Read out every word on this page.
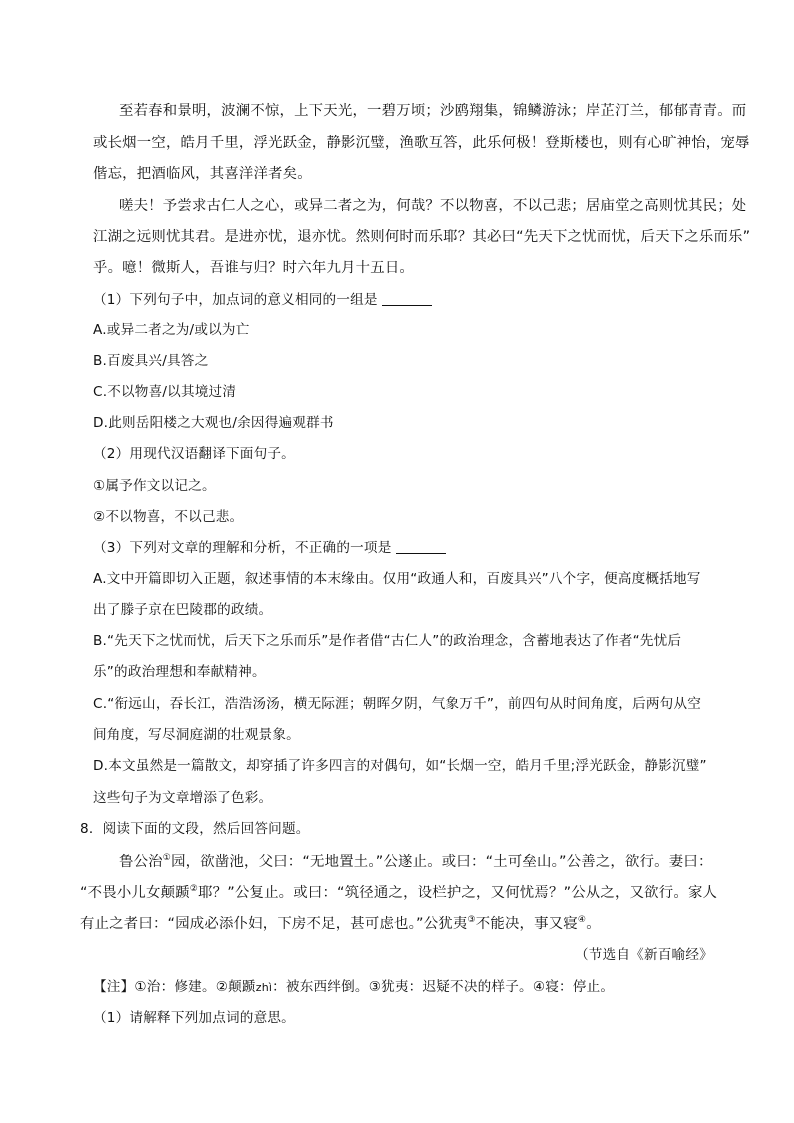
至若春和景明，波澜不惊，上下天光，一碧万顷；沙鸥翔集，锦鳞游泳；岸芷汀兰，郁郁青青。而
或长烟一空，皓月千里，浮光跃金，静影沉璧，渔歌互答，此乐何极！登斯楼也，则有心旷神怡，宠辱
偕忘，把酒临风，其喜洋洋者矣。
嗟夫！予尝求古仁人之心，或异二者之为，何哉？不以物喜，不以己悲；居庙堂之高则忧其民；处
江湖之远则忧其君。是进亦忧，退亦忧。然则何时而乐耶？其必曰“先天下之忧而忧，后天下之乐而乐”
乎。噫！微斯人，吾谁与归？时六年九月十五日。
（1）下列句子中，加点词的意义相同的一组是
A.或异二者之为/或以为亡
B.百废具兴/具答之
C.不以物喜/以其境过清
D.此则岳阳楼之大观也/余因得遍观群书
（2）用现代汉语翻译下面句子。
①属予作文以记之。
②不以物喜，不以己悲。
（3）下列对文章的理解和分析，不正确的一项是
A.文中开篇即切入正题，叙述事情的本末缘由。仅用“政通人和，百废具兴”八个字，便高度概括地写
出了滕子京在巴陵郡的政绩。
B.“先天下之忧而忧，后天下之乐而乐”是作者借“古仁人”的政治理念，含蓄地表达了作者“先忧后
乐”的政治理想和奉献精神。
C.“衔远山，吞长江，浩浩汤汤，横无际涯；朝晖夕阴，气象万千”，前四句从时间角度，后两句从空
间角度，写尽洞庭湖的壮观景象。
D.本文虽然是一篇散文，却穿插了许多四言的对偶句，如“长烟一空，皓月千里;浮光跃金，静影沉璧”
这些句子为文章增添了色彩。
8．阅读下面的文段，然后回答问题。
鲁公治①园，欲凿池，父曰：“无地置土。”公遂止。或曰：“土可垒山。”公善之，欲行。妻曰：
“不畏小儿女颠踬②耶？”公复止。或曰：“筑径通之，设栏护之，又何忧焉？”公从之，又欲行。家人
有止之者曰：“园成必添仆妇，下房不足，甚可虑也。”公犹夷③不能决，事又寝④。
（节选自《新百喻经》
【注】①治：修建。②颠踬zhì：被东西绊倒。③犹夷：迟疑不决的样子。④寝：停止。
（1）请解释下列加点词的意思。
